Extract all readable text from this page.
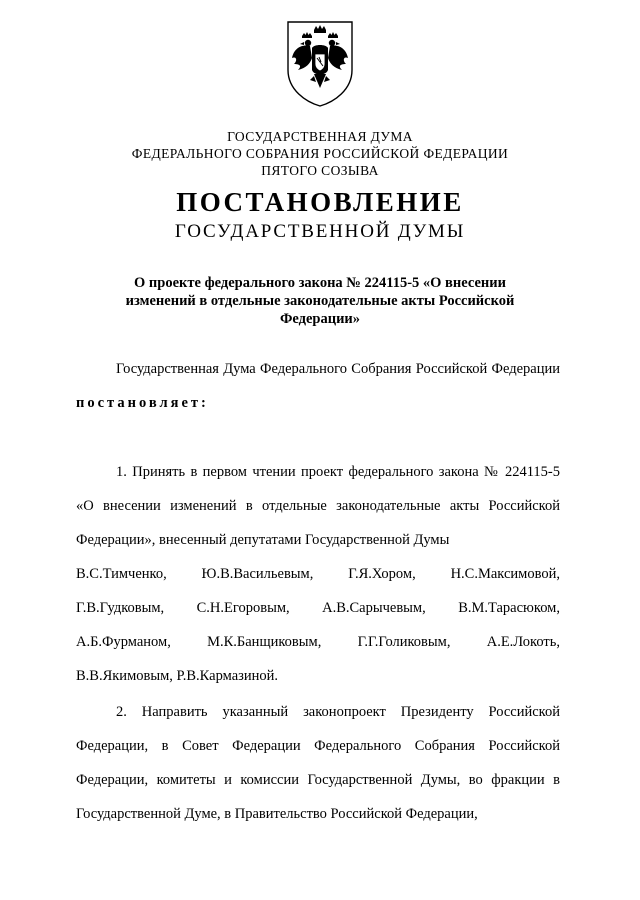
ГОСУДАРСТВЕННАЯ ДУМА
ФЕДЕРАЛЬНОГО СОБРАНИЯ РОССИЙСКОЙ ФЕДЕРАЦИИ
ПЯТОГО СОЗЫВА
ПОСТАНОВЛЕНИЕ
ГОСУДАРСТВЕННОЙ ДУМЫ
О проекте федерального закона № 224115-5 «О внесении
изменений в отдельные законодательные акты Российской
Федерации»

Государственная Дума Федерального Собрания Российской Федерации постановляет:

1. Принять в первом чтении проект федерального закона № 224115-5 «О внесении изменений в отдельные законодательные акты Российской Федерации», внесенный депутатами Государственной Думы

В.С.Тимченко, Ю.В.Васильевым, Г.Я.Хором, Н.С.Максимовой,
Г.В.Гудковым, С.Н.Егоровым, А.В.Сарычевым, В.М.Тарасюком,
А.Б.Фурманом,	М.К.Банщиковым,	Г.Г.Голиковым,	А.Е.Локоть,
В.В.Якимовым, Р.В.Кармазиной.

2. Направить указанный законопроект Президенту Российской Федерации, в Совет Федерации Федерального Собрания Российской Федерации, комитеты и комиссии Государственной Думы, во фракции в Государственной Думе, в Правительство Российской Федерации,
